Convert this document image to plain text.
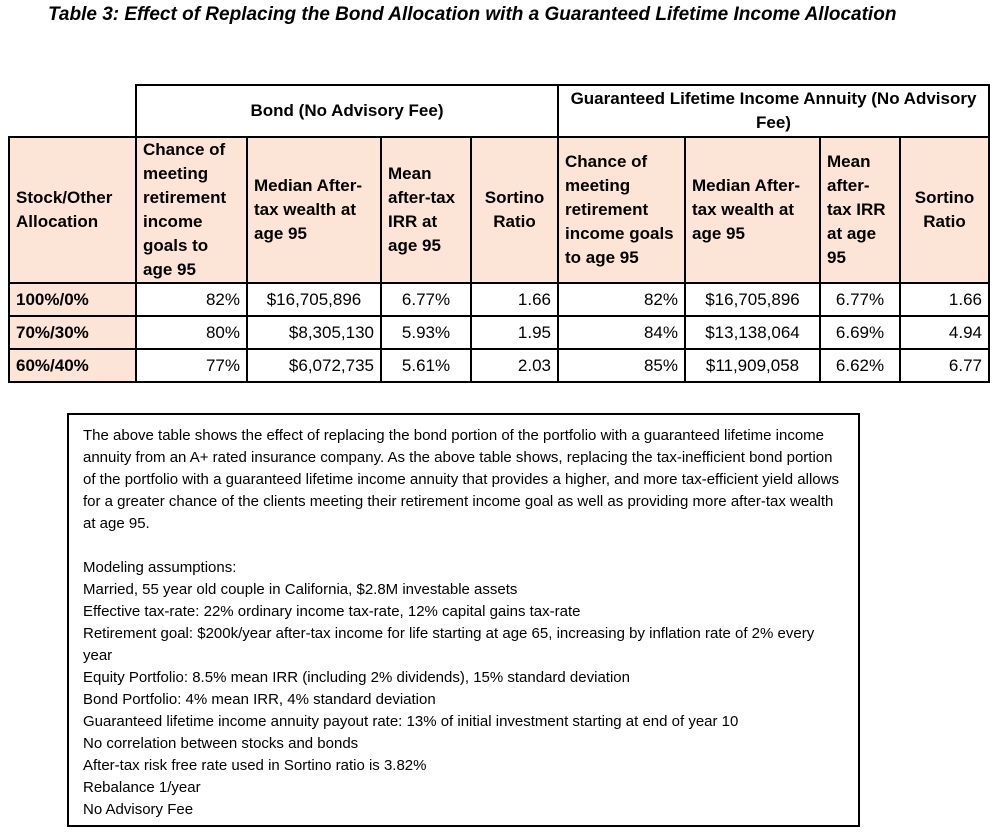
Table 3: Effect of Replacing the Bond Allocation with a Guaranteed Lifetime Income Allocation
	Bond (No Advisory Fee)				Guaranteed Lifetime Income Annuity (No Advisory Fee)			
Stock/Other Allocation	Chance of meeting retirement income goals to age 95	Median After-tax wealth at age 95	Mean after-tax IRR at age 95	Sortino Ratio	Chance of meeting retirement income goals to age 95	Median After-tax wealth at age 95	Mean after-tax IRR at age 95	Sortino Ratio
100%/0%	82%	$16,705,896	6.77%	1.66	82%	$16,705,896	6.77%	1.66
70%/30%	80%	$8,305,130	5.93%	1.95	84%	$13,138,064	6.69%	4.94
60%/40%	77%	$6,072,735	5.61%	2.03	85%	$11,909,058	6.62%	6.77

The above table shows the effect of replacing the bond portion of the portfolio with a guaranteed lifetime income annuity from an A+ rated insurance company. As the above table shows, replacing the tax-inefficient bond portion of the portfolio with a guaranteed lifetime income annuity that provides a higher, and more tax-efficient yield allows for a greater chance of the clients meeting their retirement income goal as well as providing more after-tax wealth at age 95.

Modeling assumptions:

Married, 55 year old couple in California, $2.8M investable assets

Effective tax-rate: 22% ordinary income tax-rate, 12% capital gains tax-rate

Retirement goal: $200k/year after-tax income for life starting at age 65, increasing by inflation rate of 2% every year

Equity Portfolio: 8.5% mean IRR (including 2% dividends), 15% standard deviation

Bond Portfolio: 4% mean IRR, 4% standard deviation

Guaranteed lifetime income annuity payout rate: 13% of initial investment starting at end of year 10

No correlation between stocks and bonds

After-tax risk free rate used in Sortino ratio is 3.82%

Rebalance 1/year

No Advisory Fee
